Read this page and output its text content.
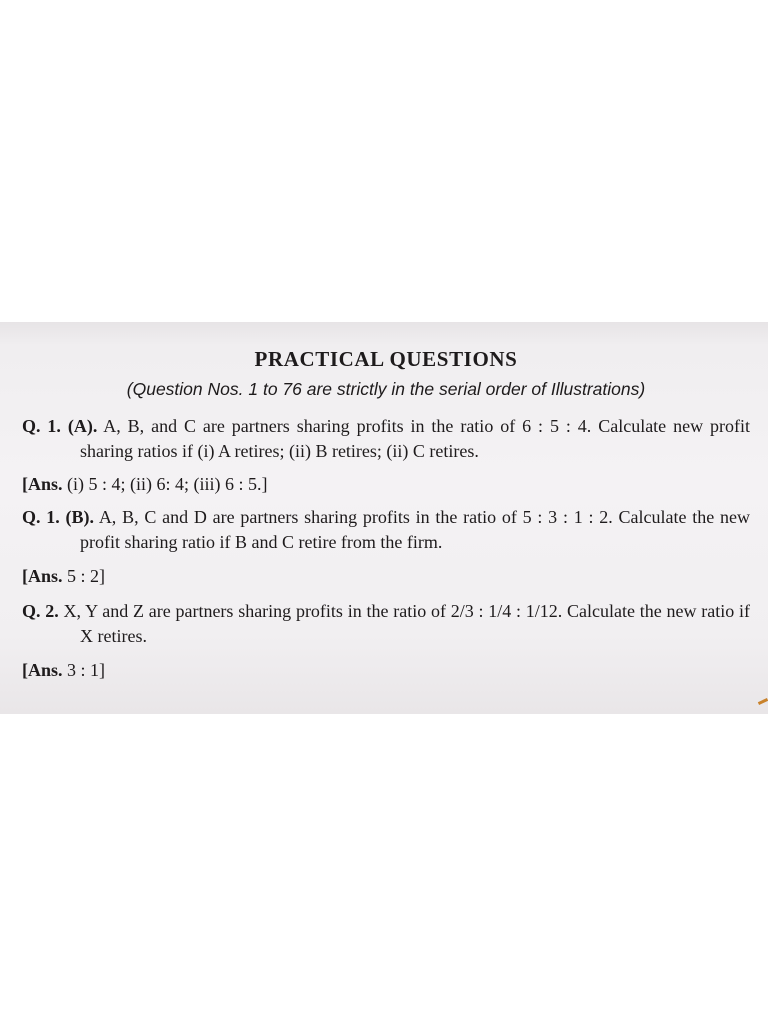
PRACTICAL QUESTIONS

(Question Nos. 1 to 76 are strictly in the serial order of Illustrations)

Q. 1. (A). A, B, and C are partners sharing profits in the ratio of 6 : 5 : 4. Calculate new profit sharing ratios if (i) A retires; (ii) B retires; (ii) C retires.
[Ans. (i) 5 : 4; (ii) 6: 4; (iii) 6 : 5.]
Q. 1. (B). A, B, C and D are partners sharing profits in the ratio of 5 : 3 : 1 : 2. Calculate the new profit sharing ratio if B and C retire from the firm.
[Ans. 5 : 2]
Q. 2. X, Y and Z are partners sharing profits in the ratio of 2/3 : 1/4 : 1/12. Calculate the new ratio if X retires.
[Ans. 3 : 1]
